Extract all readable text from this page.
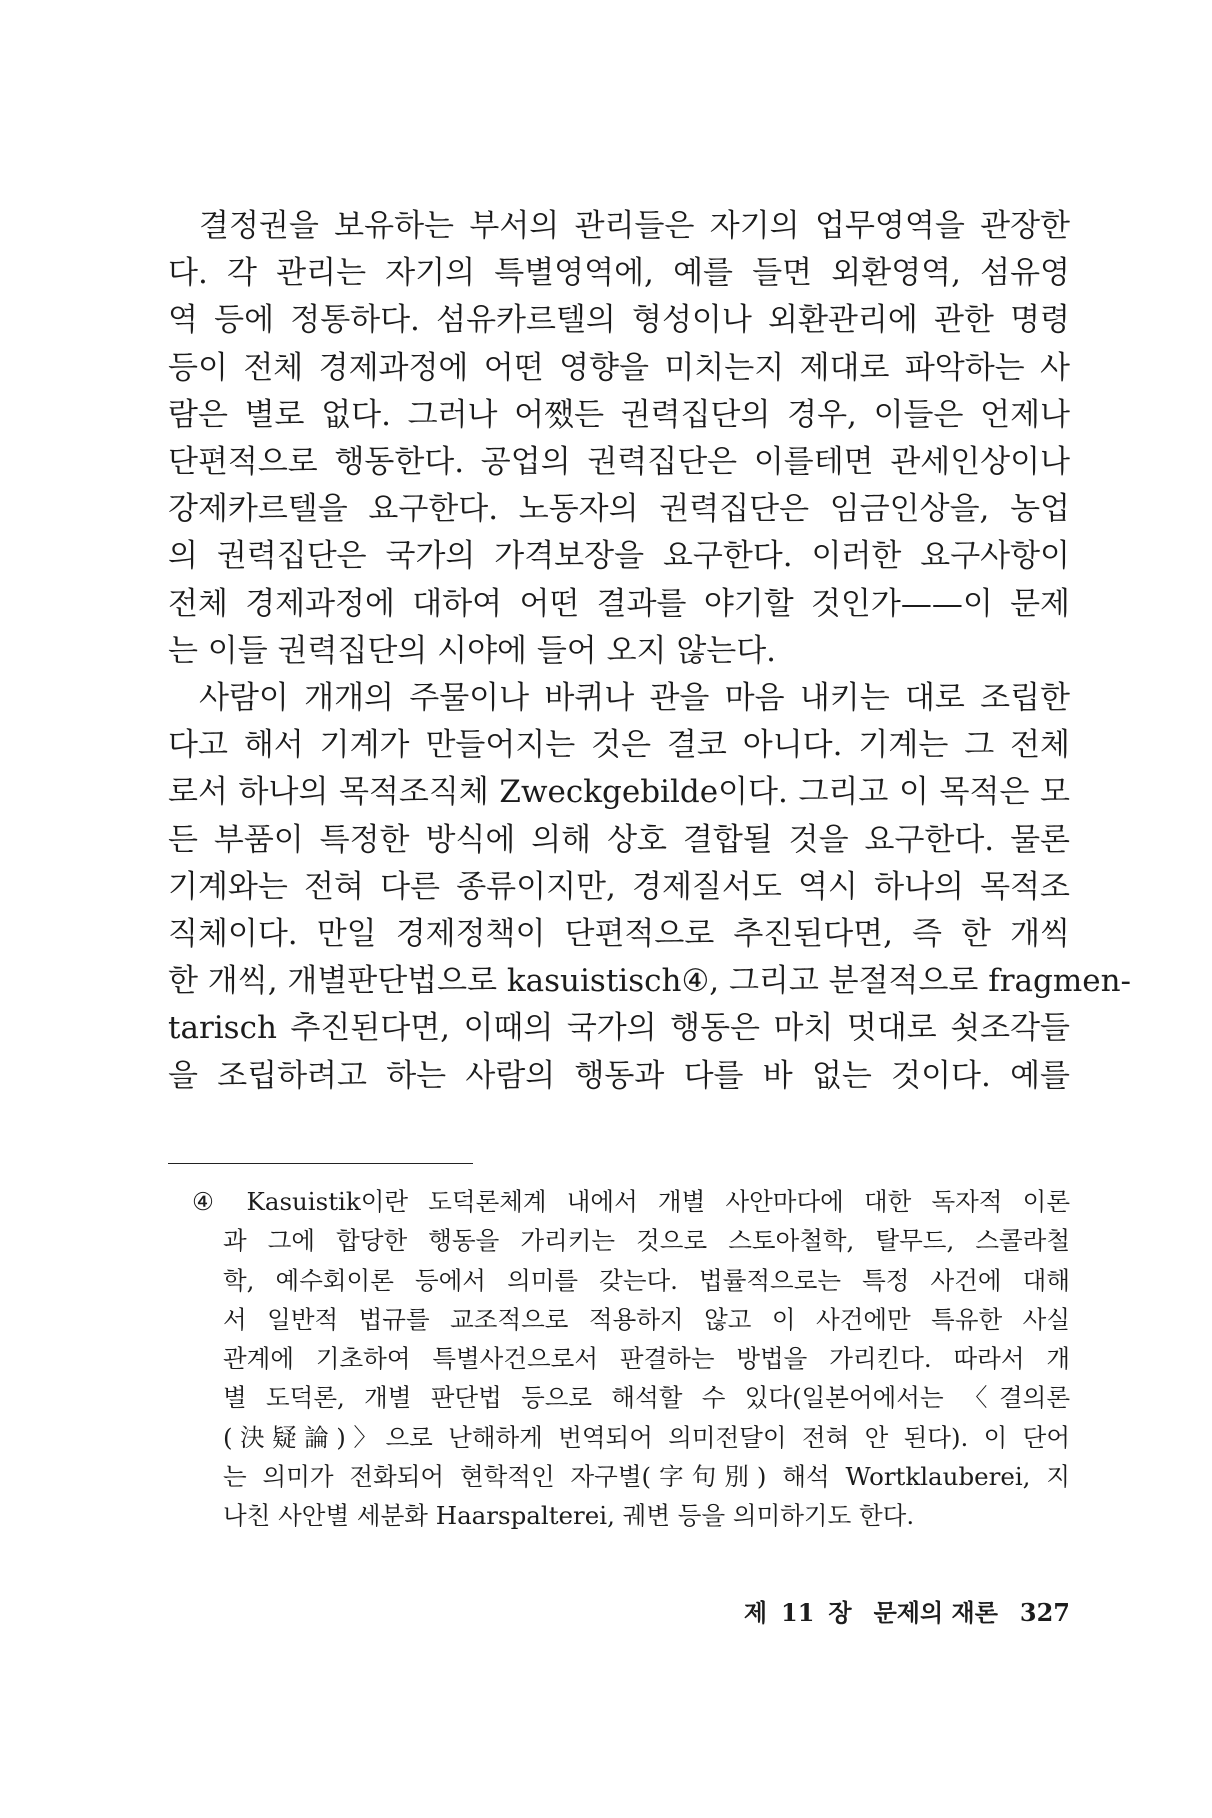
결정권을 보유하는 부서의 관리들은 자기의 업무영역을 관장한
다. 각 관리는 자기의 특별영역에, 예를 들면 외환영역, 섬유영
역 등에 정통하다. 섬유카르텔의 형성이나 외환관리에 관한 명령
등이 전체 경제과정에 어떤 영향을 미치는지 제대로 파악하는 사
람은 별로 없다. 그러나 어쨌든 권력집단의 경우, 이들은 언제나
단편적으로 행동한다. 공업의 권력집단은 이를테면 관세인상이나
강제카르텔을 요구한다. 노동자의 권력집단은 임금인상을, 농업
의 권력집단은 국가의 가격보장을 요구한다. 이러한 요구사항이
전체 경제과정에 대하여 어떤 결과를 야기할 것인가——이 문제
는 이들 권력집단의 시야에 들어 오지 않는다.

사람이 개개의 주물이나 바퀴나 관을 마음 내키는 대로 조립한
다고 해서 기계가 만들어지는 것은 결코 아니다. 기계는 그 전체
로서 하나의 목적조직체 Zweckgebilde이다. 그리고 이 목적은 모
든 부품이 특정한 방식에 의해 상호 결합될 것을 요구한다. 물론
기계와는 전혀 다른 종류이지만, 경제질서도 역시 하나의 목적조
직체이다. 만일 경제정책이 단편적으로 추진된다면, 즉 한 개씩
한 개씩, 개별판단법으로 kasuistisch④, 그리고 분절적으로 fragmen-
tarisch 추진된다면, 이때의 국가의 행동은 마치 멋대로 쇳조각들
을 조립하려고 하는 사람의 행동과 다를 바 없는 것이다. 예를

④ Kasuistik이란 도덕론체계 내에서 개별 사안마다에 대한 독자적 이론
과 그에 합당한 행동을 가리키는 것으로 스토아철학, 탈무드, 스콜라철
학, 예수회이론 등에서 의미를 갖는다. 법률적으로는 특정 사건에 대해
서 일반적 법규를 교조적으로 적용하지 않고 이 사건에만 특유한 사실
관계에 기초하여 특별사건으로서 판결하는 방법을 가리킨다. 따라서 개
별 도덕론, 개별 판단법 등으로 해석할 수 있다(일본어에서는 〈결의론
(決疑論)〉으로 난해하게 번역되어 의미전달이 전혀 안 된다). 이 단어
는 의미가 전화되어 현학적인 자구별(字句別) 해석 Wortklauberei, 지
나친 사안별 세분화 Haarspalterei, 궤변 등을 의미하기도 한다.
제 11 장 문제의 재론 327
